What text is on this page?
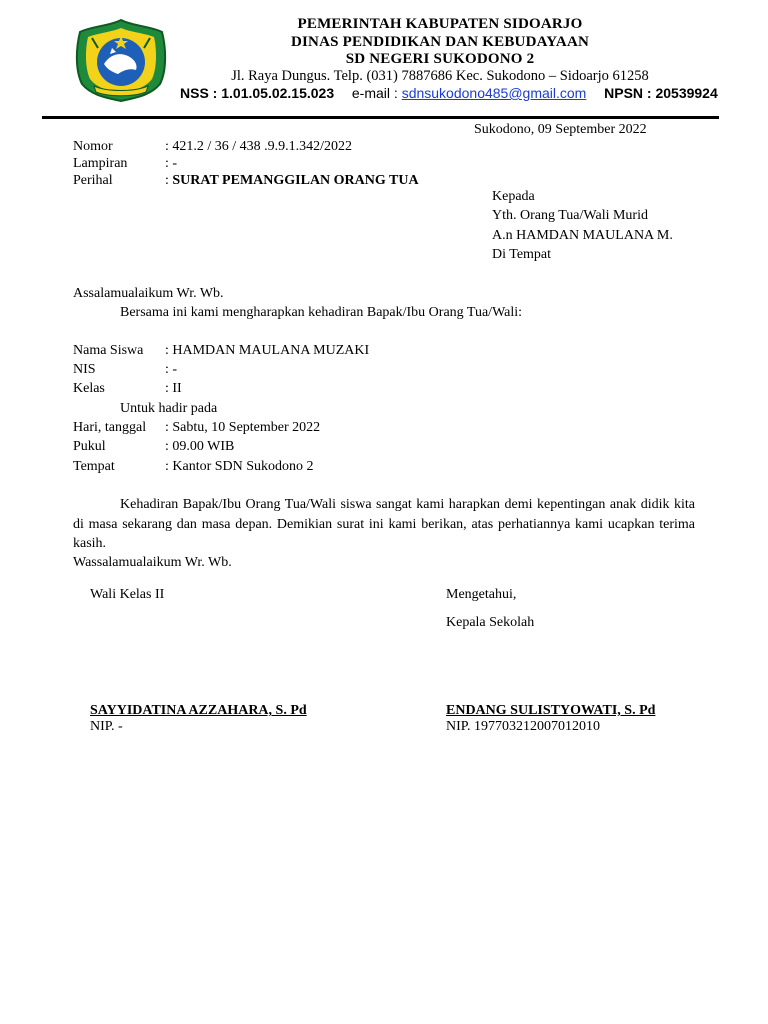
PEMERINTAH KABUPATEN SIDOARJO
DINAS PENDIDIKAN DAN KEBUDAYAAN
SD NEGERI SUKODONO 2
Jl. Raya Dungus. Telp. (031) 7887686 Kec. Sukodono – Sidoarjo 61258
NSS : 1.01.05.02.15.023 e-mail : sdnsukodono485@gmail.com NPSN : 20539924
Sukodono, 09 September 2022
Nomor	: 421.2 / 36 / 438 .9.9.1.342/2022
Lampiran	: -
Perihal	: SURAT PEMANGGILAN ORANG TUA
Kepada
Yth. Orang Tua/Wali Murid
A.n HAMDAN MAULANA M.
Di Tempat
Assalamualaikum Wr. Wb.
Bersama ini kami mengharapkan kehadiran Bapak/Ibu Orang Tua/Wali:
Nama Siswa	: HAMDAN MAULANA MUZAKI
NIS	: -
Kelas	: II
Untuk hadir pada
Hari, tanggal	: Sabtu, 10 September 2022
Pukul	: 09.00 WIB
Tempat	: Kantor SDN Sukodono 2
Kehadiran Bapak/Ibu Orang Tua/Wali siswa sangat kami harapkan demi kepentingan anak didik kita di masa sekarang dan masa depan. Demikian surat ini kami berikan, atas perhatiannya kami ucapkan terima kasih.
Wassalamualaikum Wr. Wb.
Wali Kelas II	Mengetahui,
Kepala Sekolah
SAYYIDATINA AZZAHARA, S. Pd
NIP. -
ENDANG SULISTYOWATI, S. Pd
NIP. 197703212007012010
